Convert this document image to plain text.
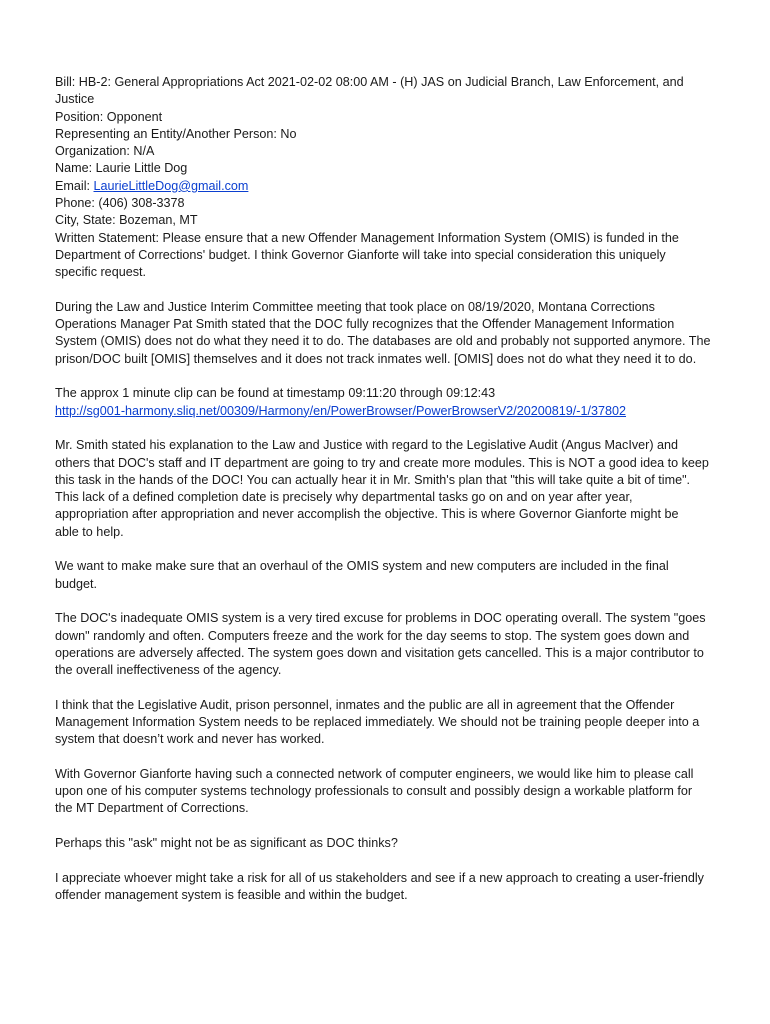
Bill: HB-2: General Appropriations Act 2021-02-02 08:00 AM - (H) JAS on Judicial Branch, Law Enforcement, and
Justice
Position: Opponent
Representing an Entity/Another Person: No
Organization: N/A
Name: Laurie Little Dog
Email: LaurieLittleDog@gmail.com
Phone: (406) 308-3378
City, State: Bozeman, MT
Written Statement: Please ensure that a new Offender Management Information System (OMIS) is funded in the
Department of Corrections' budget. I think Governor Gianforte will take into special consideration this uniquely
specific request.
During the Law and Justice Interim Committee meeting that took place on 08/19/2020, Montana Corrections
Operations Manager Pat Smith stated that the DOC fully recognizes that the Offender Management Information
System (OMIS) does not do what they need it to do. The databases are old and probably not supported anymore. The
prison/DOC built [OMIS] themselves and it does not track inmates well. [OMIS] does not do what they need it to do.
The approx 1 minute clip can be found at timestamp 09:11:20 through 09:12:43
http://sg001-harmony.sliq.net/00309/Harmony/en/PowerBrowser/PowerBrowserV2/20200819/-1/37802
Mr. Smith stated his explanation to the Law and Justice with regard to the Legislative Audit (Angus MacIver) and
others that DOC's staff and IT department are going to try and create more modules. This is NOT a good idea to keep
this task in the hands of the DOC! You can actually hear it in Mr. Smith's plan that "this will take quite a bit of time".
This lack of a defined completion date is precisely why departmental tasks go on and on year after year,
appropriation after appropriation and never accomplish the objective. This is where Governor Gianforte might be
able to help.
We want to make make sure that an overhaul of the OMIS system and new computers are included in the final
budget.
The DOC's inadequate OMIS system is a very tired excuse for problems in DOC operating overall. The system "goes
down" randomly and often. Computers freeze and the work for the day seems to stop. The system goes down and
operations are adversely affected. The system goes down and visitation gets cancelled. This is a major contributor to
the overall ineffectiveness of the agency.
I think that the Legislative Audit, prison personnel, inmates and the public are all in agreement that the Offender
Management Information System needs to be replaced immediately. We should not be training people deeper into a
system that doesn’t work and never has worked.
With Governor Gianforte having such a connected network of computer engineers, we would like him to please call
upon one of his computer systems technology professionals to consult and possibly design a workable platform for
the MT Department of Corrections.
Perhaps this "ask" might not be as significant as DOC thinks?
I appreciate whoever might take a risk for all of us stakeholders and see if a new approach to creating a user-friendly
offender management system is feasible and within the budget.
